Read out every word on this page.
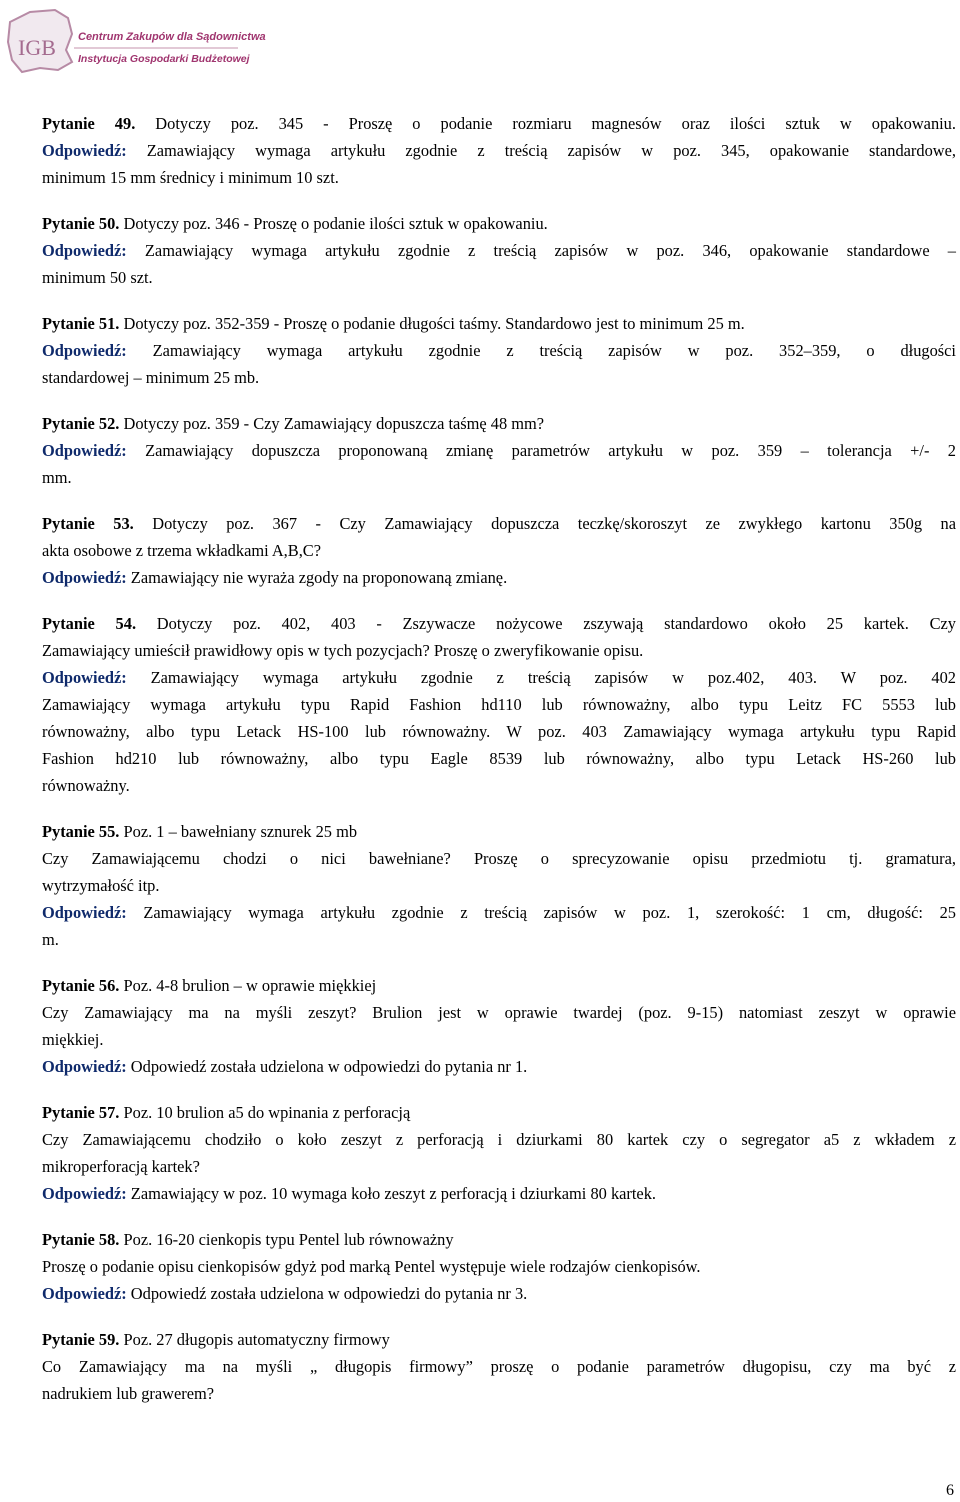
IGB Centrum Zakupów dla Sądownictwa
Instytucja Gospodarki Budżetowej
Pytanie 49. Dotyczy poz. 345 - Proszę o podanie rozmiaru magnesów oraz ilości sztuk w opakowaniu.
Odpowiedź: Zamawiający wymaga artykułu zgodnie z treścią zapisów w poz. 345, opakowanie standardowe,
minimum 15 mm średnicy i minimum 10 szt.
Pytanie 50. Dotyczy poz. 346 - Proszę o podanie ilości sztuk w opakowaniu.
Odpowiedź: Zamawiający wymaga artykułu zgodnie z treścią zapisów w poz. 346, opakowanie standardowe –
minimum 50 szt.
Pytanie 51. Dotyczy poz. 352-359 - Proszę o podanie długości taśmy. Standardowo jest to minimum 25 m.
Odpowiedź: Zamawiający wymaga artykułu zgodnie z treścią zapisów w poz. 352–359, o długości
standardowej – minimum 25 mb.
Pytanie 52. Dotyczy poz. 359 - Czy Zamawiający dopuszcza taśmę 48 mm?
Odpowiedź: Zamawiający dopuszcza proponowaną zmianę parametrów artykułu w poz. 359 – tolerancja +/- 2
mm.
Pytanie 53. Dotyczy poz. 367 - Czy Zamawiający dopuszcza teczkę/skoroszyt ze zwykłego kartonu 350g na
akta osobowe z trzema wkładkami A,B,C?
Odpowiedź: Zamawiający nie wyraża zgody na proponowaną zmianę.
Pytanie 54. Dotyczy poz. 402, 403 - Zszywacze nożycowe zszywają standardowo około 25 kartek. Czy
Zamawiający umieścił prawidłowy opis w tych pozycjach? Proszę o zweryfikowanie opisu.
Odpowiedź: Zamawiający wymaga artykułu zgodnie z treścią zapisów w poz.402, 403. W poz. 402
Zamawiający wymaga artykułu typu Rapid Fashion hd110 lub równoważny, albo typu Leitz FC 5553 lub
równoważny, albo typu Letack HS-100 lub równoważny. W poz. 403 Zamawiający wymaga artykułu typu Rapid
Fashion hd210 lub równoważny, albo typu Eagle 8539 lub równoważny, albo typu Letack HS-260 lub
równoważny.
Pytanie 55. Poz. 1 – bawełniany sznurek 25 mb
Czy Zamawiającemu chodzi o nici bawełniane? Proszę o sprecyzowanie opisu przedmiotu tj. gramatura,
wytrzymałość itp.
Odpowiedź: Zamawiający wymaga artykułu zgodnie z treścią zapisów w poz. 1, szerokość: 1 cm, długość: 25
m.
Pytanie 56. Poz. 4-8 brulion – w oprawie miękkiej
Czy Zamawiający ma na myśli zeszyt? Brulion jest w oprawie twardej (poz. 9-15) natomiast zeszyt w oprawie
miękkiej.
Odpowiedź: Odpowiedź została udzielona w odpowiedzi do pytania nr 1.
Pytanie 57. Poz. 10 brulion a5 do wpinania z perforacją
Czy Zamawiającemu chodziło o koło zeszyt z perforacją i dziurkami 80 kartek czy o segregator a5 z wkładem z
mikroperforacją kartek?
Odpowiedź: Zamawiający w poz. 10 wymaga koło zeszyt z perforacją i dziurkami 80 kartek.
Pytanie 58. Poz. 16-20 cienkopis typu Pentel lub równoważny
Proszę o podanie opisu cienkopisów gdyż pod marką Pentel występuje wiele rodzajów cienkopisów.
Odpowiedź: Odpowiedź została udzielona w odpowiedzi do pytania nr 3.
Pytanie 59. Poz. 27 długopis automatyczny firmowy
Co Zamawiający ma na myśli „ długopis firmowy” proszę o podanie parametrów długopisu, czy ma być z
nadrukiem lub grawerem?
6
